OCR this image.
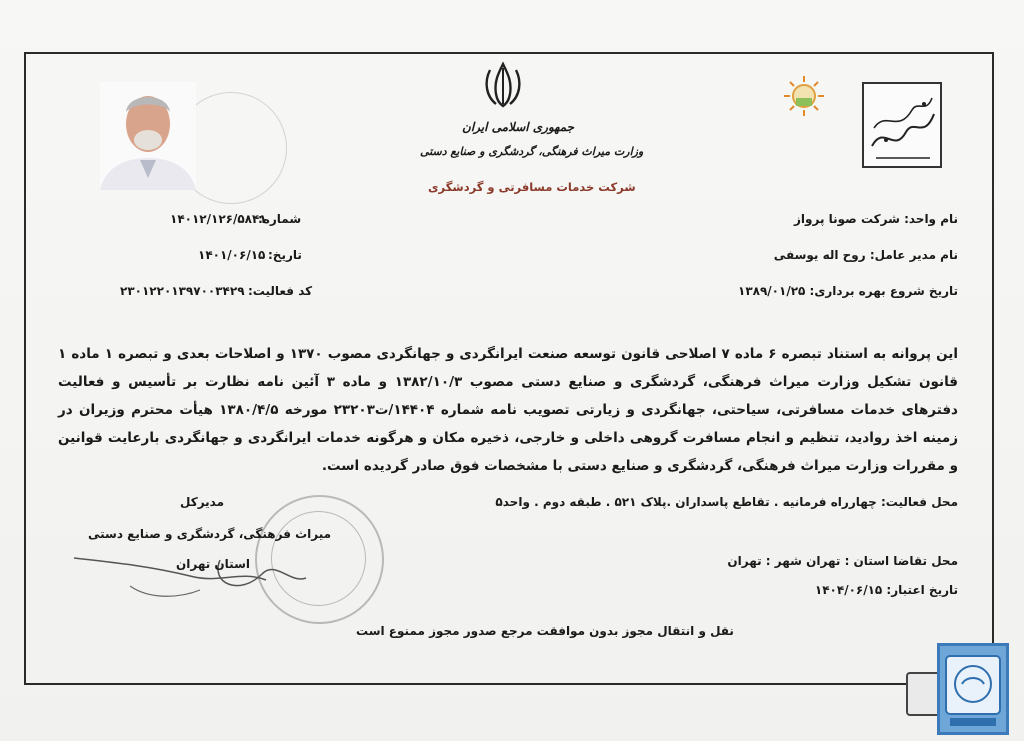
جمهوری اسلامی ایران
وزارت میراث فرهنگی، گردشگری و صنایع دستی
شرکت خدمات مسافرتی و گردشگری
شماره:
۱۴۰۱۲/۱۲۶/۵۸۴۱
تاریخ:
۱۴۰۱/۰۶/۱۵
کد فعالیت:
۲۳۰۱۲۲۰۱۳۹۷۰۰۳۴۲۹
نام واحد: شرکت صونا پرواز
نام مدیر عامل: روح اله یوسفی
تاریخ شروع بهره برداری: ۱۳۸۹/۰۱/۲۵
این پروانه به استناد تبصره ۶ ماده ۷ اصلاحی قانون توسعه صنعت ایرانگردی و جهانگردی مصوب ۱۳۷۰ و اصلاحات بعدی و تبصره ۱ ماده ۱ قانون تشکیل وزارت میراث فرهنگی، گردشگری و صنایع دستی مصوب ۱۳۸۲/۱۰/۳ و ماده ۳ آئین نامه نظارت بر تأسیس و فعالیت دفترهای خدمات مسافرتی، سیاحتی، جهانگردی و زیارتی تصویب نامه شماره ۱۴۴۰۴/ت۲۳۲۰۳ مورخه ۱۳۸۰/۴/۵ هیأت محترم وزیران در زمینه اخذ روادید، تنظیم و انجام مسافرت گروهی داخلی و خارجی، ذخیره مکان و هرگونه خدمات ایرانگردی و جهانگردی بارعایت قوانین و مقررات وزارت میراث فرهنگی، گردشگری و صنایع دستی با مشخصات فوق صادر گردیده است.
محل فعالیت: چهارراه فرمانیه . تقاطع پاسداران .پلاک ۵۲۱ . طبقه دوم . واحد۵
محل تقاضا استان : تهران شهر : تهران
تاریخ اعتبار: ۱۴۰۴/۰۶/۱۵
نقل و انتقال مجوز بدون موافقت مرجع صدور مجوز ممنوع است
مدیرکل
میراث فرهنگی، گردشگری و صنایع دستی
استان تهران
